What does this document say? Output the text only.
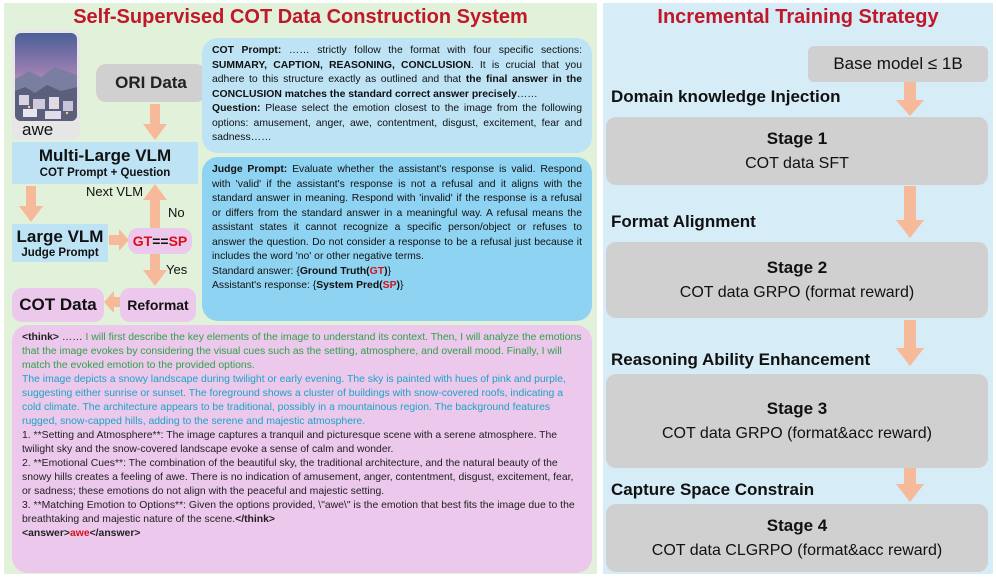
Self-Supervised COT Data Construction System
awe
ORI Data
Multi-Large VLM
COT Prompt + Question
Next VLM
No
Yes
Large VLM
Judge Prompt
GT == SP
COT Data	Reformat
COT Prompt: …… strictly follow the format with four specific sections: SUMMARY, CAPTION, REASONING, CONCLUSION. It is crucial that you adhere to this structure exactly as outlined and that the final answer in the CONCLUSION matches the standard correct answer precisely……
Question: Please select the emotion closest to the image from the following options: amusement, anger, awe, contentment, disgust, excitement, fear and sadness……
Judge Prompt: Evaluate whether the assistant's response is valid. Respond with 'valid' if the assistant's response is not a refusal and it aligns with the standard answer in meaning. Respond with 'invalid' if the response is a refusal or differs from the standard answer in a meaningful way. A refusal means the assistant states it cannot recognize a specific person/object or refuses to answer the question. Do not consider a response to be a refusal just because it includes the word 'no' or other negative terms.
Standard answer: {Ground Truth(GT)}
Assistant's response: {System Pred(SP)}
<think> …… I will first describe the key elements of the image to understand its context. Then, I will analyze the emotions that the image evokes by considering the visual cues such as the setting, atmosphere, and overall mood. Finally, I will match the evoked emotion to the provided options.
The image depicts a snowy landscape during twilight or early evening. The sky is painted with hues of pink and purple, suggesting either sunrise or sunset. The foreground shows a cluster of buildings with snow-covered roofs, indicating a cold climate. The architecture appears to be traditional, possibly in a mountainous region. The background features rugged, snow-capped hills, adding to the serene and majestic atmosphere.
1. **Setting and Atmosphere**: The image captures a tranquil and picturesque scene with a serene atmosphere. The twilight sky and the snow-covered landscape evoke a sense of calm and wonder.
2. **Emotional Cues**: The combination of the beautiful sky, the traditional architecture, and the natural beauty of the snowy hills creates a feeling of awe. There is no indication of amusement, anger, contentment, disgust, excitement, fear, or sadness; these emotions do not align with the peaceful and majestic setting.
3. **Matching Emotion to Options**: Given the options provided, \"awe\" is the emotion that best fits the image due to the breathtaking and majestic nature of the scene.</think>
<answer>awe</answer>
Incremental Training Strategy
Base model ≤ 1B
Domain knowledge Injection
Stage 1
COT data SFT
Format Alignment
Stage 2
COT data GRPO (format reward)
Reasoning Ability Enhancement
Stage 3
COT data GRPO (format&acc reward)
Capture Space Constrain
Stage 4
COT data CLGRPO (format&acc reward)
